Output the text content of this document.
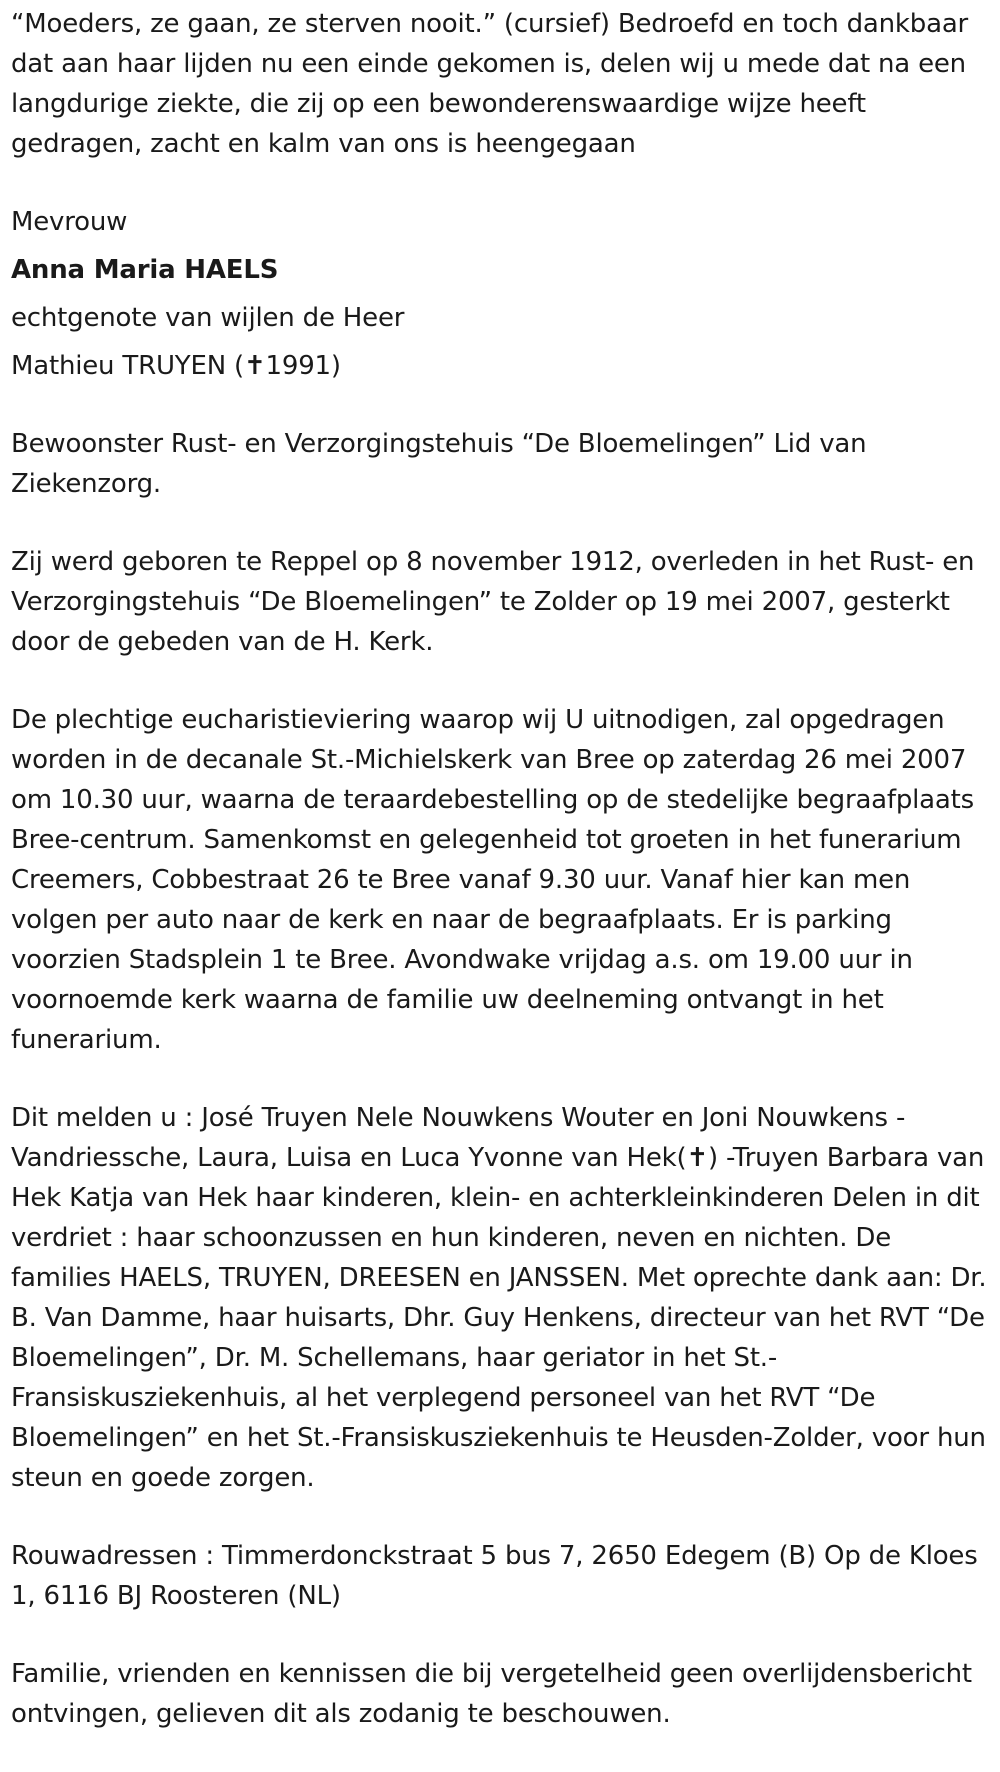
“Moeders, ze gaan, ze sterven nooit.” (cursief) Bedroefd en toch dankbaar dat aan haar lijden nu een einde gekomen is, delen wij u mede dat na een langdurige ziekte, die zij op een bewonderenswaardige wijze heeft gedragen, zacht en kalm van ons is heengegaan

Mevrouw
Anna Maria HAELS
echtgenote van wijlen de Heer
Mathieu TRUYEN (✝1991)

Bewoonster Rust- en Verzorgingstehuis “De Bloemelingen” Lid van Ziekenzorg.

Zij werd geboren te Reppel op 8 november 1912, overleden in het Rust- en Verzorgingstehuis “De Bloemelingen” te Zolder op 19 mei 2007, gesterkt door de gebeden van de H. Kerk.

De plechtige eucharistieviering waarop wij U uitnodigen, zal opgedragen worden in de decanale St.-Michielskerk van Bree op zaterdag 26 mei 2007 om 10.30 uur, waarna de teraardebestelling op de stedelijke begraafplaats Bree-centrum. Samenkomst en gelegenheid tot groeten in het funerarium Creemers, Cobbestraat 26 te Bree vanaf 9.30 uur. Vanaf hier kan men volgen per auto naar de kerk en naar de begraafplaats. Er is parking voorzien Stadsplein 1 te Bree. Avondwake vrijdag a.s. om 19.00 uur in voornoemde kerk waarna de familie uw deelneming ontvangt in het funerarium.

Dit melden u : José Truyen Nele Nouwkens Wouter en Joni Nouwkens -Vandriessche, Laura, Luisa en Luca Yvonne van Hek(✝) -Truyen Barbara van Hek Katja van Hek haar kinderen, klein- en achterkleinkinderen Delen in dit verdriet : haar schoonzussen en hun kinderen, neven en nichten. De families HAELS, TRUYEN, DREESEN en JANSSEN. Met oprechte dank aan: Dr. B. Van Damme, haar huisarts, Dhr. Guy Henkens, directeur van het RVT “De Bloemelingen”, Dr. M. Schellemans, haar geriator in het St.-Fransiskusziekenhuis, al het verplegend personeel van het RVT “De Bloemelingen” en het St.-Fransiskusziekenhuis te Heusden-Zolder, voor hun steun en goede zorgen.

Rouwadressen : Timmerdonckstraat 5 bus 7, 2650 Edegem (B) Op de Kloes 1, 6116 BJ Roosteren (NL)

Familie, vrienden en kennissen die bij vergetelheid geen overlijdensbericht ontvingen, gelieven dit als zodanig te beschouwen.
